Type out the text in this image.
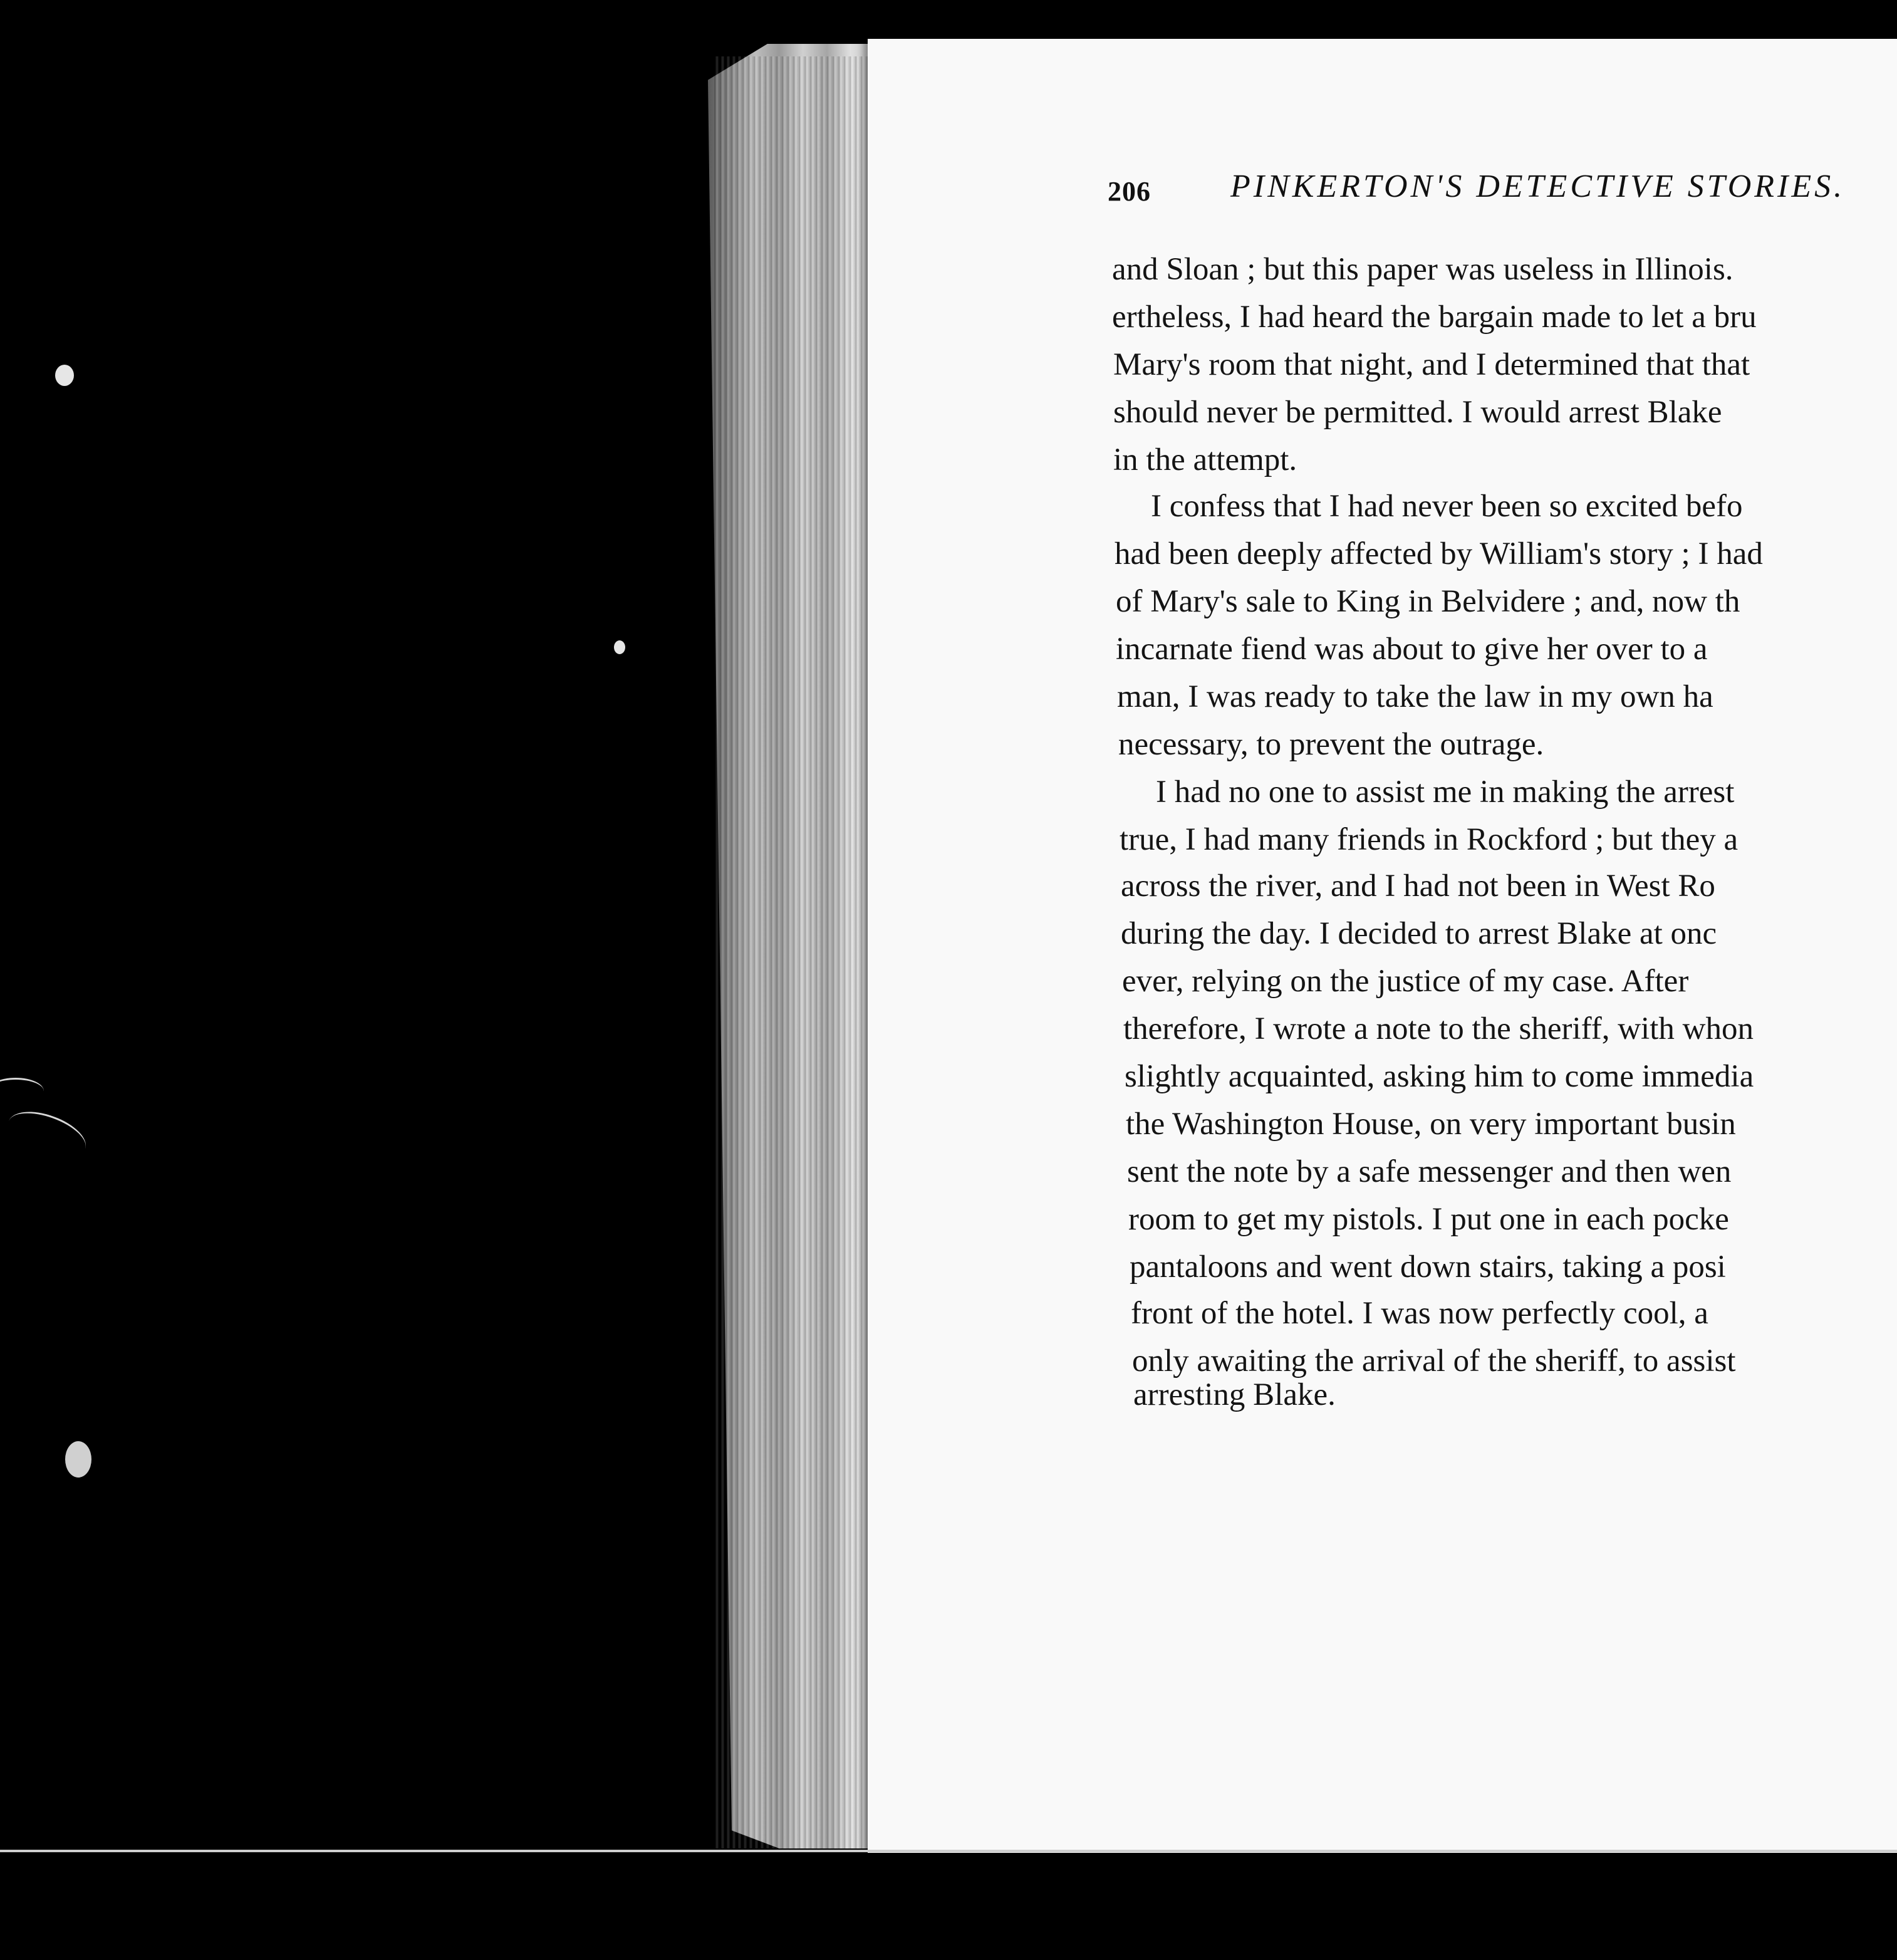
206 PINKERTON'S DETECTIVE STORIES.
and Sloan ; but this paper was useless in Illinois.
ertheless, I had heard the bargain made to let a bru
Mary's room that night, and I determined that that
should never be permitted. I would arrest Blake
in the attempt.
I confess that I had never been so excited befo
had been deeply affected by William's story ; I had
of Mary's sale to King in Belvidere ; and, now th
incarnate fiend was about to give her over to a
man, I was ready to take the law in my own ha
necessary, to prevent the outrage.
I had no one to assist me in making the arrest
true, I had many friends in Rockford ; but they a
across the river, and I had not been in West Ro
during the day. I decided to arrest Blake at onc
ever, relying on the justice of my case. After
therefore, I wrote a note to the sheriff, with whon
slightly acquainted, asking him to come immedia
the Washington House, on very important busin
sent the note by a safe messenger and then wen
room to get my pistols. I put one in each pocke
pantaloons and went down stairs, taking a posi
front of the hotel. I was now perfectly cool, a
only awaiting the arrival of the sheriff, to assist
arresting Blake.
